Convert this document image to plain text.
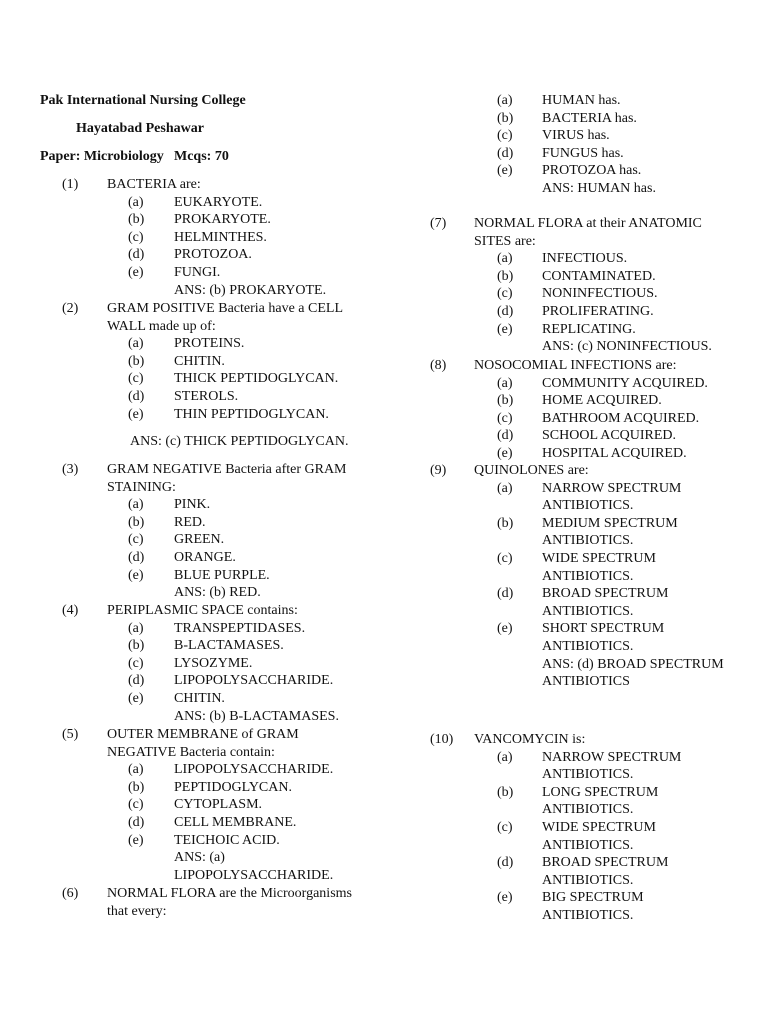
Pak International Nursing College
Hayatabad Peshawar
Paper: Microbiology Mcqs: 70
(1) BACTERIA are:
(a) EUKARYOTE.
(b) PROKARYOTE.
(c) HELMINTHES.
(d) PROTOZOA.
(e) FUNGI.
ANS: (b) PROKARYOTE.
(2) GRAM POSITIVE Bacteria have a CELL
WALL made up of:
(a) PROTEINS.
(b) CHITIN.
(c) THICK PEPTIDOGLYCAN.
(d) STEROLS.
(e) THIN PEPTIDOGLYCAN.
ANS: (c) THICK PEPTIDOGLYCAN.
(3) GRAM NEGATIVE Bacteria after GRAM
STAINING:
(a) PINK.
(b) RED.
(c) GREEN.
(d) ORANGE.
(e) BLUE PURPLE.
ANS: (b) RED.
(4) PERIPLASMIC SPACE contains:
(a) TRANSPEPTIDASES.
(b) B-LACTAMASES.
(c) LYSOZYME.
(d) LIPOPOLYSACCHARIDE.
(e) CHITIN.
ANS: (b) B-LACTAMASES.
(5) OUTER MEMBRANE of GRAM
NEGATIVE Bacteria contain:
(a) LIPOPOLYSACCHARIDE.
(b) PEPTIDOGLYCAN.
(c) CYTOPLASM.
(d) CELL MEMBRANE.
(e) TEICHOIC ACID.
ANS: (a)
LIPOPOLYSACCHARIDE.
(6) NORMAL FLORA are the Microorganisms
that every:
(a) HUMAN has.
(b) BACTERIA has.
(c) VIRUS has.
(d) FUNGUS has.
(e) PROTOZOA has.
ANS: HUMAN has.
(7) NORMAL FLORA at their ANATOMIC
SITES are:
(a) INFECTIOUS.
(b) CONTAMINATED.
(c) NONINFECTIOUS.
(d) PROLIFERATING.
(e) REPLICATING.
ANS: (c) NONINFECTIOUS.
(8) NOSOCOMIAL INFECTIONS are:
(a) COMMUNITY ACQUIRED.
(b) HOME ACQUIRED.
(c) BATHROOM ACQUIRED.
(d) SCHOOL ACQUIRED.
(e) HOSPITAL ACQUIRED.
(9) QUINOLONES are:
(a) NARROW SPECTRUM
ANTIBIOTICS.
(b) MEDIUM SPECTRUM
ANTIBIOTICS.
(c) WIDE SPECTRUM
ANTIBIOTICS.
(d) BROAD SPECTRUM
ANTIBIOTICS.
(e) SHORT SPECTRUM
ANTIBIOTICS.
ANS: (d) BROAD SPECTRUM
ANTIBIOTICS
(10) VANCOMYCIN is:
(a) NARROW SPECTRUM
ANTIBIOTICS.
(b) LONG SPECTRUM
ANTIBIOTICS.
(c) WIDE SPECTRUM
ANTIBIOTICS.
(d) BROAD SPECTRUM
ANTIBIOTICS.
(e) BIG SPECTRUM
ANTIBIOTICS.
